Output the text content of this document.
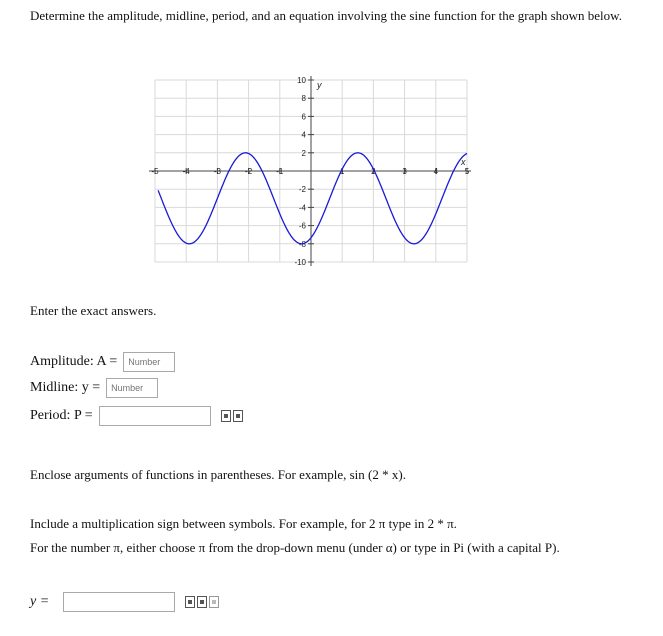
Determine the amplitude, midline, period, and an equation involving the sine function for the graph shown below.
-5	-4	-3	-2	-1	1	2	3	4	5
-10
-8
-6
-4
-2
2
4
6
8
10
x
y
Enter the exact answers.
Amplitude: A =
Number
Midline: y =
Number
Period: P =
Enclose arguments of functions in parentheses. For example, sin (2 * x).
Include a multiplication sign between symbols. For example, for 2 π type in 2 * π.
For the number π, either choose π from the drop-down menu (under α) or type in Pi (with a capital P).
y =
